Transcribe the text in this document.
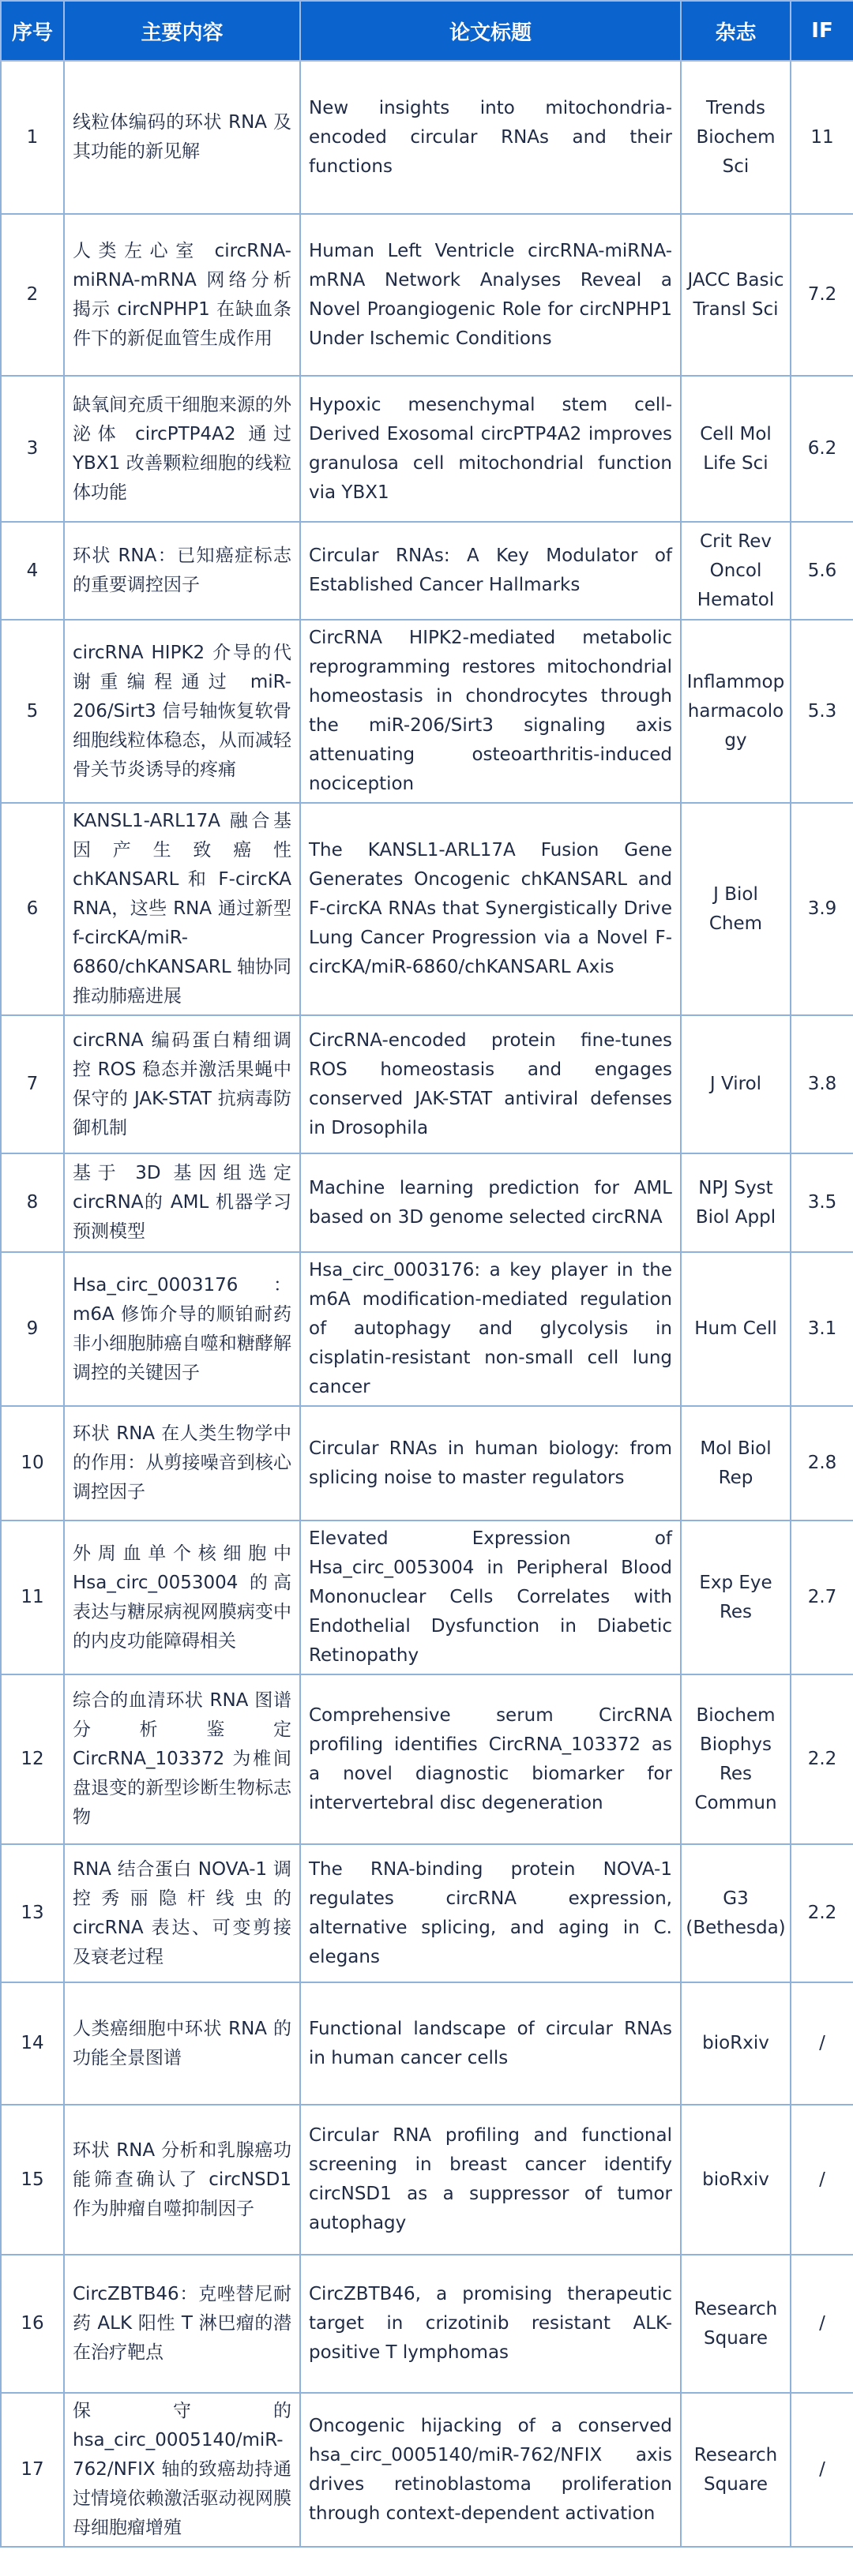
序号	主要内容	论文标题	杂志	IF
1	线粒体编码的环状 RNA 及其功能的新见解	New insights into mitochondria-encoded circular RNAs and their functions	Trends Biochem Sci	11
2	人类左心室 circRNA-miRNA-mRNA 网络分析揭示 circNPHP1 在缺血条件下的新促血管生成作用	Human Left Ventricle circRNA-miRNA-mRNA Network Analyses Reveal a Novel Proangiogenic Role for circNPHP1 Under Ischemic Conditions	JACC Basic Transl Sci	7.2
3	缺氧间充质干细胞来源的外泌体 circPTP4A2 通过 YBX1 改善颗粒细胞的线粒体功能	Hypoxic mesenchymal stem cell-Derived Exosomal circPTP4A2 improves granulosa cell mitochondrial function via YBX1	Cell Mol Life Sci	6.2
4	环状 RNA：已知癌症标志的重要调控因子	Circular RNAs: A Key Modulator of Established Cancer Hallmarks	Crit Rev Oncol Hematol	5.6
5	circRNA HIPK2 介导的代谢重编程通过 miR-206/Sirt3 信号轴恢复软骨细胞线粒体稳态，从而减轻骨关节炎诱导的疼痛	CircRNA HIPK2-mediated metabolic reprogramming restores mitochondrial homeostasis in chondrocytes through the miR-206/Sirt3 signaling axis attenuating osteoarthritis-induced nociception	Inflammopharmacology	5.3
6	KANSL1-ARL17A 融合基因产生致癌性 chKANSARL 和 F-circKA RNA，这些 RNA 通过新型 f-circKA/miR-6860/chKANSARL 轴协同推动肺癌进展	The KANSL1-ARL17A Fusion Gene Generates Oncogenic chKANSARL and F-circKA RNAs that Synergistically Drive Lung Cancer Progression via a Novel F-circKA/miR-6860/chKANSARL Axis	J Biol Chem	3.9
7	circRNA 编码蛋白精细调控 ROS 稳态并激活果蝇中保守的 JAK-STAT 抗病毒防御机制	CircRNA-encoded protein fine-tunes ROS homeostasis and engages conserved JAK-STAT antiviral defenses in Drosophila	J Virol	3.8
8	基于 3D 基因组选定 circRNA的 AML 机器学习预测模型	Machine learning prediction for AML based on 3D genome selected circRNA	NPJ Syst Biol Appl	3.5
9	Hsa_circ_0003176 ：m6A 修饰介导的顺铂耐药非小细胞肺癌自噬和糖酵解调控的关键因子	Hsa_circ_0003176: a key player in the m6A modification-mediated regulation of autophagy and glycolysis in cisplatin-resistant non-small cell lung cancer	Hum Cell	3.1
10	环状 RNA 在人类生物学中的作用：从剪接噪音到核心调控因子	Circular RNAs in human biology: from splicing noise to master regulators	Mol Biol Rep	2.8
11	外周血单个核细胞中 Hsa_circ_0053004 的高表达与糖尿病视网膜病变中的内皮功能障碍相关	Elevated Expression of Hsa_circ_0053004 in Peripheral Blood Mononuclear Cells Correlates with Endothelial Dysfunction in Diabetic Retinopathy	Exp Eye Res	2.7
12	综合的血清环状 RNA 图谱分析鉴定 CircRNA_103372 为椎间盘退变的新型诊断生物标志物	Comprehensive serum CircRNA profiling identifies CircRNA_103372 as a novel diagnostic biomarker for intervertebral disc degeneration	Biochem Biophys Res Commun	2.2
13	RNA 结合蛋白 NOVA-1 调控秀丽隐杆线虫的 circRNA 表达、可变剪接及衰老过程	The RNA-binding protein NOVA-1 regulates circRNA expression, alternative splicing, and aging in C. elegans	G3 (Bethesda)	2.2
14	人类癌细胞中环状 RNA 的功能全景图谱	Functional landscape of circular RNAs in human cancer cells	bioRxiv	/
15	环状 RNA 分析和乳腺癌功能筛查确认了 circNSD1 作为肿瘤自噬抑制因子	Circular RNA profiling and functional screening in breast cancer identify circNSD1 as a suppressor of tumor autophagy	bioRxiv	/
16	CircZBTB46：克唑替尼耐药 ALK 阳性 T 淋巴瘤的潜在治疗靶点	CircZBTB46, a promising therapeutic target in crizotinib resistant ALK-positive T lymphomas	Research Square	/
17	保守的 hsa_circ_0005140/miR-762/NFIX 轴的致癌劫持通过情境依赖激活驱动视网膜母细胞瘤增殖	Oncogenic hijacking of a conserved hsa_circ_0005140/miR-762/NFIX axis drives retinoblastoma proliferation through context-dependent activation	Research Square	/
